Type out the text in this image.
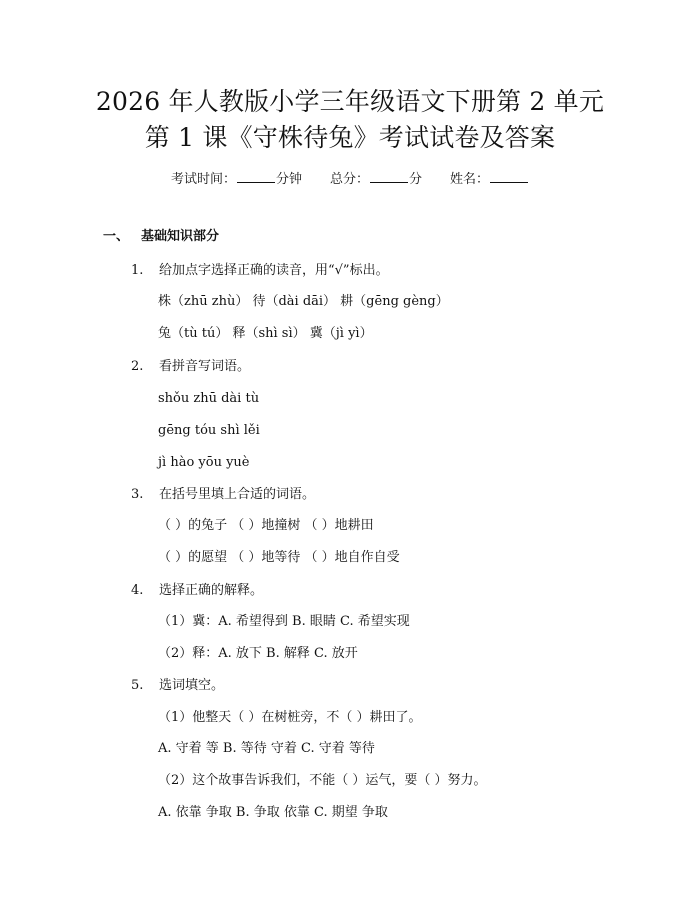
2026 年人教版小学三年级语文下册第 2 单元
第 1 课《守株待兔》考试试卷及答案
考试时间：	分钟 总分：	分 姓名：
一、 基础知识部分
1. 给加点字选择正确的读音，用“√”标出。
株（zhū zhù） 待（dài dāi） 耕（gēng gèng）
兔（tù tú） 释（shì sì） 冀（jì yì）
2. 看拼音写词语。
shǒu zhū dài tù
gēng tóu shì lěi
jì hào yōu yuè
3. 在括号里填上合适的词语。
（ ）的兔子 （ ）地撞树 （ ）地耕田
（ ）的愿望 （ ）地等待 （ ）地自作自受
4. 选择正确的解释。
（1）冀：A. 希望得到 B. 眼睛 C. 希望实现
（2）释：A. 放下 B. 解释 C. 放开
5. 选词填空。
（1）他整天（ ）在树桩旁，不（ ）耕田了。
A. 守着 等 B. 等待 守着 C. 守着 等待
（2）这个故事告诉我们，不能（ ）运气，要（ ）努力。
A. 依靠 争取 B. 争取 依靠 C. 期望 争取
